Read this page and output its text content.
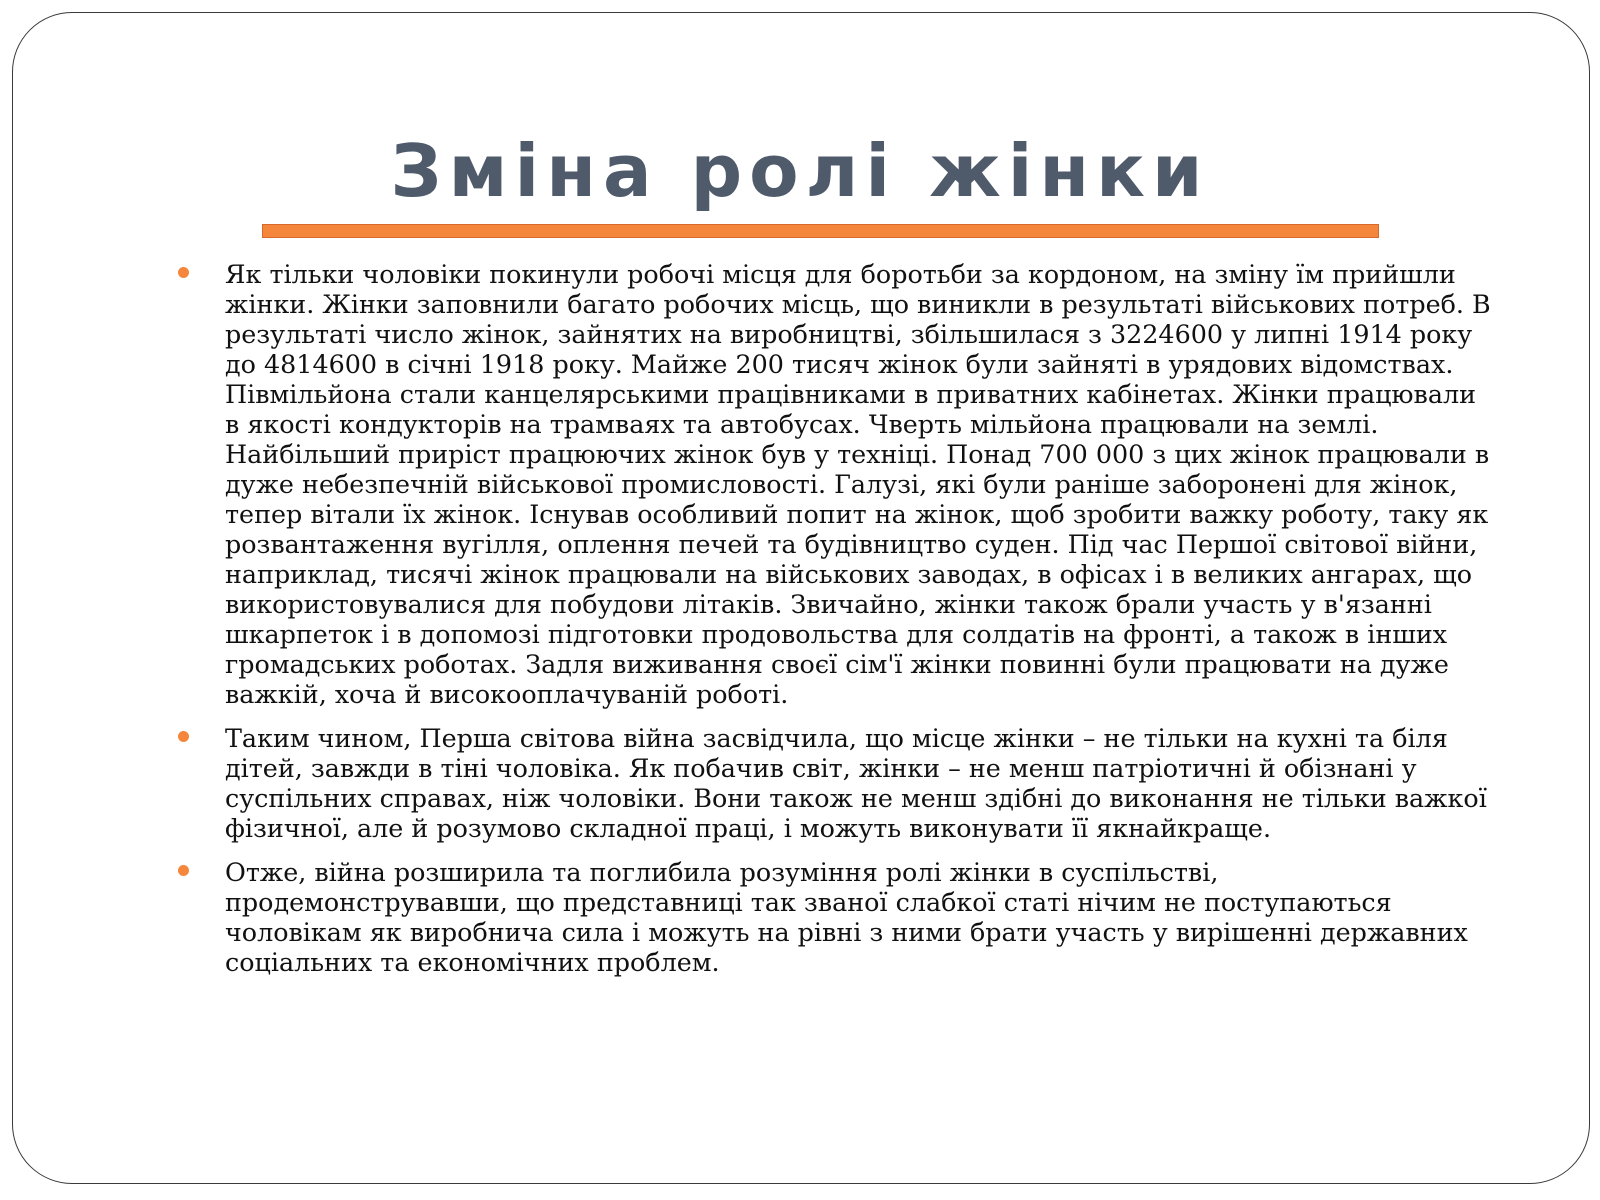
Зміна ролі жінки
Як тільки чоловіки покинули робочі місця для боротьби за кордоном, на зміну їм прийшли жінки. Жінки заповнили багато робочих місць, що виникли в результаті військових потреб. В результаті число жінок, зайнятих на виробництві, збільшилася з 3224600 у липні 1914 року до 4814600 в січні 1918 року. Майже 200 тисяч жінок були зайняті в урядових відомствах. Півмільйона стали канцелярськими працівниками в приватних кабінетах. Жінки працювали в якості кондукторів на трамваях та автобусах. Чверть мільйона працювали на землі. Найбільший приріст працюючих жінок був у техніці. Понад 700 000 з цих жінок працювали в дуже небезпечній військової промисловості. Галузі, які були раніше заборонені для жінок, тепер вітали їх жінок. Існував особливий попит на жінок, щоб зробити важку роботу, таку як розвантаження вугілля, оплення печей та будівництво суден. Під час Першої світової війни, наприклад, тисячі жінок працювали на військових заводах, в офісах і в великих ангарах, що використовувалися для побудови літаків. Звичайно, жінки також брали участь у в'язанні шкарпеток і в допомозі підготовки продовольства для солдатів на фронті, а також в інших громадських роботах. Задля виживання своєї сім'ї жінки повинні були працювати на дуже важкій, хоча й високооплачуваній роботі.
Таким чином, Перша світова війна засвідчила, що місце жінки – не тільки на кухні та біля дітей, завжди в тіні чоловіка. Як побачив світ, жінки – не менш патріотичні й обізнані у суспільних справах, ніж чоловіки. Вони також не менш здібні до виконання не тільки важкої фізичної, але й розумово складної праці, і можуть виконувати її якнайкраще.
Отже, війна розширила та поглибила розуміння ролі жінки в суспільстві, продемонструвавши, що представниці так званої слабкої статі нічим не поступаються чоловікам як виробнича сила і можуть на рівні з ними брати участь у вирішенні державних соціальних та економічних проблем.
